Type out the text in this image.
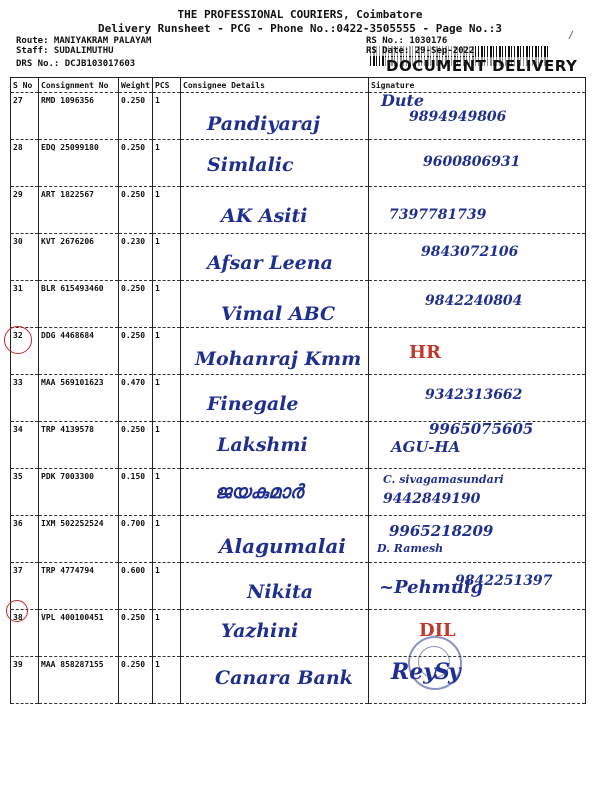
THE PROFESSIONAL COURIERS, Coimbatore
Delivery Runsheet - PCG - Phone No.:0422-3505555 - Page No.:3
/
Route: MANIYAKRAM PALAYAM
Staff: SUDALIMUTHU
DRS No.: DCJB103017603
RS No.: 1030176
RS Date: 29-Sep-2022
DOCUMENT DELIVERY
S No	Consignment No	Weight	PCS	Consignee Details	Signature
27	RMD 1096356	0.250	1	Pandiyaraj	Dute
9894949806

28	EDQ 25099180	0.250	1	Simlalic	9600806931

29	ART 1822567	0.250	1	AK Asiti	7397781739

30	KVT 2676206	0.230	1	Afsar Leena	9843072106

31	BLR 615493460	0.250	1	Vimal ABC	9842240804

32	DDG 4468684	0.250	1	Mohanraj Kmm	HR

33	MAA 569101623	0.470	1	Finegale	9342313662

34	TRP 4139578	0.250	1	Lakshmi	AGU-HA
9965075605

35	PDK 7003300	0.150	1	ജയകുമാർ	C. sivagamasundari
9442849190

36	IXM 502252524	0.700	1	Alagumalai	D. Ramesh
9965218209

37	TRP 4774794	0.600	1	Nikita	~Pehmulg
9842251397

38	VPL 400100451	0.250	1	Yazhini	DIL

39	MAA 858287155	0.250	1	Canara Bank	ReySy
